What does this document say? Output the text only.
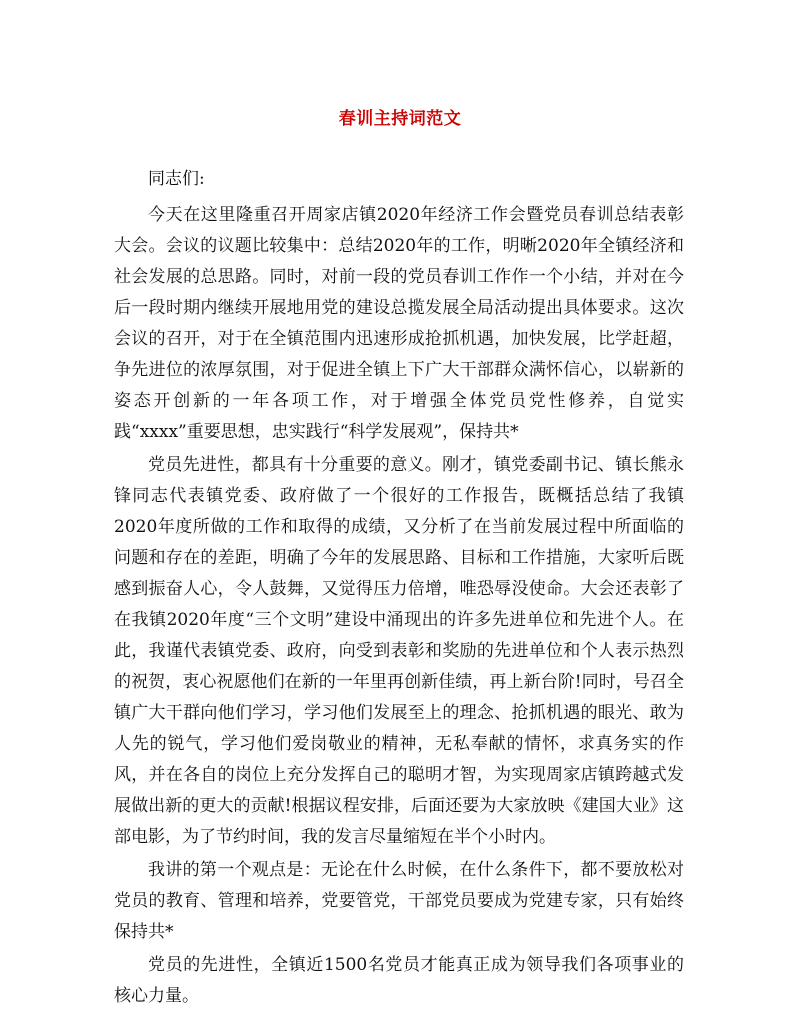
春训主持词范文

同志们:

今天在这里隆重召开周家店镇2020年经济工作会暨党员春训总结表彰大会。会议的议题比较集中：总结2020年的工作，明晰2020年全镇经济和社会发展的总思路。同时，对前一段的党员春训工作作一个小结，并对在今后一段时期内继续开展地用党的建设总揽发展全局活动提出具体要求。这次会议的召开，对于在全镇范围内迅速形成抢抓机遇，加快发展，比学赶超，争先进位的浓厚氛围，对于促进全镇上下广大干部群众满怀信心，以崭新的姿态开创新的一年各项工作，对于增强全体党员党性修养，自觉实践“xxxx”重要思想，忠实践行“科学发展观”，保持共*

党员先进性，都具有十分重要的意义。刚才，镇党委副书记、镇长熊永锋同志代表镇党委、政府做了一个很好的工作报告，既概括总结了我镇2020年度所做的工作和取得的成绩，又分析了在当前发展过程中所面临的问题和存在的差距，明确了今年的发展思路、目标和工作措施，大家听后既感到振奋人心，令人鼓舞，又觉得压力倍增，唯恐辱没使命。大会还表彰了在我镇2020年度“三个文明”建设中涌现出的许多先进单位和先进个人。在此，我谨代表镇党委、政府，向受到表彰和奖励的先进单位和个人表示热烈的祝贺，衷心祝愿他们在新的一年里再创新佳绩，再上新台阶!同时，号召全镇广大干群向他们学习，学习他们发展至上的理念、抢抓机遇的眼光、敢为人先的锐气，学习他们爱岗敬业的精神，无私奉献的情怀，求真务实的作风，并在各自的岗位上充分发挥自己的聪明才智，为实现周家店镇跨越式发展做出新的更大的贡献!根据议程安排，后面还要为大家放映《建国大业》这部电影，为了节约时间，我的发言尽量缩短在半个小时内。

我讲的第一个观点是：无论在什么时候，在什么条件下，都不要放松对党员的教育、管理和培养，党要管党，干部党员要成为党建专家，只有始终保持共*

党员的先进性，全镇近1500名党员才能真正成为领导我们各项事业的核心力量。
